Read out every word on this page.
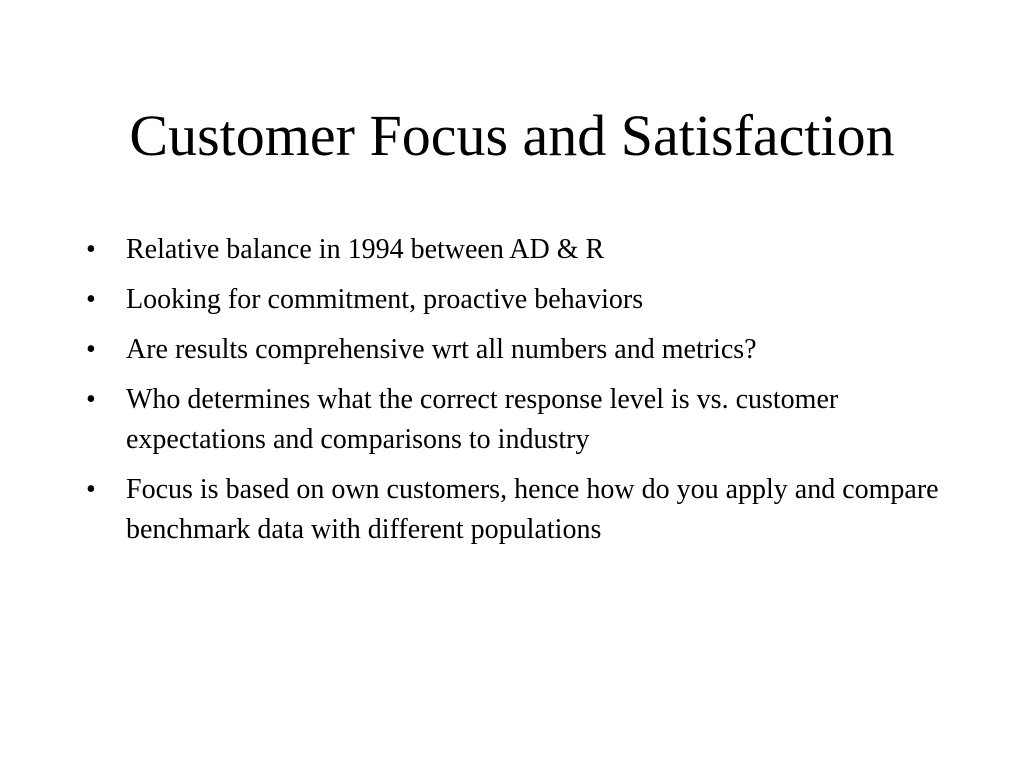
Customer Focus and Satisfaction
•	Relative balance in 1994 between AD & R
•	Looking for commitment, proactive behaviors
•	Are results comprehensive wrt all numbers and metrics?
•	Who determines what the correct response level is vs. customer expectations and comparisons to industry
•	Focus is based on own customers, hence how do you apply and compare benchmark data with different populations
